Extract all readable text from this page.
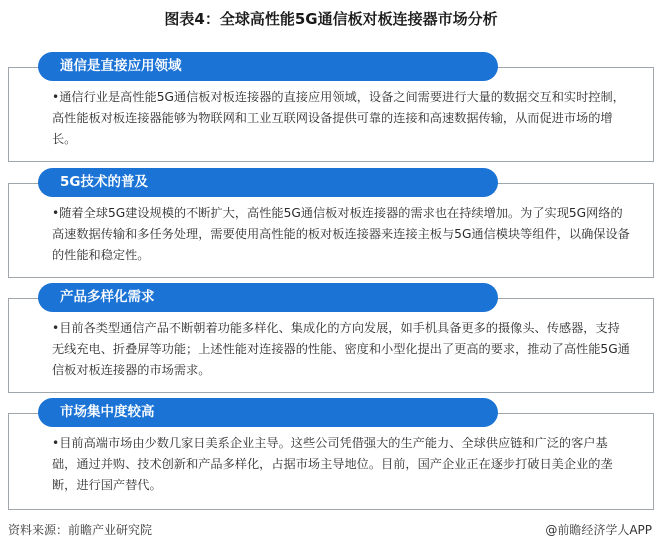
图表4：全球高性能5G通信板对板连接器市场分析
通信是直接应用领域
•通信行业是高性能5G通信板对板连接器的直接应用领域，设备之间需要进行大量的数据交互和实时控制，高性能板对板连接器能够为物联网和工业互联网设备提供可靠的连接和高速数据传输，从而促进市场的增长。
5G技术的普及
•随着全球5G建设规模的不断扩大，高性能5G通信板对板连接器的需求也在持续增加。为了实现5G网络的高速数据传输和多任务处理，需要使用高性能的板对板连接器来连接主板与5G通信模块等组件，以确保设备的性能和稳定性。
产品多样化需求
•目前各类型通信产品不断朝着功能多样化、集成化的方向发展，如手机具备更多的摄像头、传感器，支持无线充电、折叠屏等功能；上述性能对连接器的性能、密度和小型化提出了更高的要求，推动了高性能5G通信板对板连接器的市场需求。
市场集中度较高
•目前高端市场由少数几家日美系企业主导。这些公司凭借强大的生产能力、全球供应链和广泛的客户基础，通过并购、技术创新和产品多样化，占据市场主导地位。目前，国产企业正在逐步打破日美企业的垄断，进行国产替代。
资料来源：前瞻产业研究院	@前瞻经济学人APP
